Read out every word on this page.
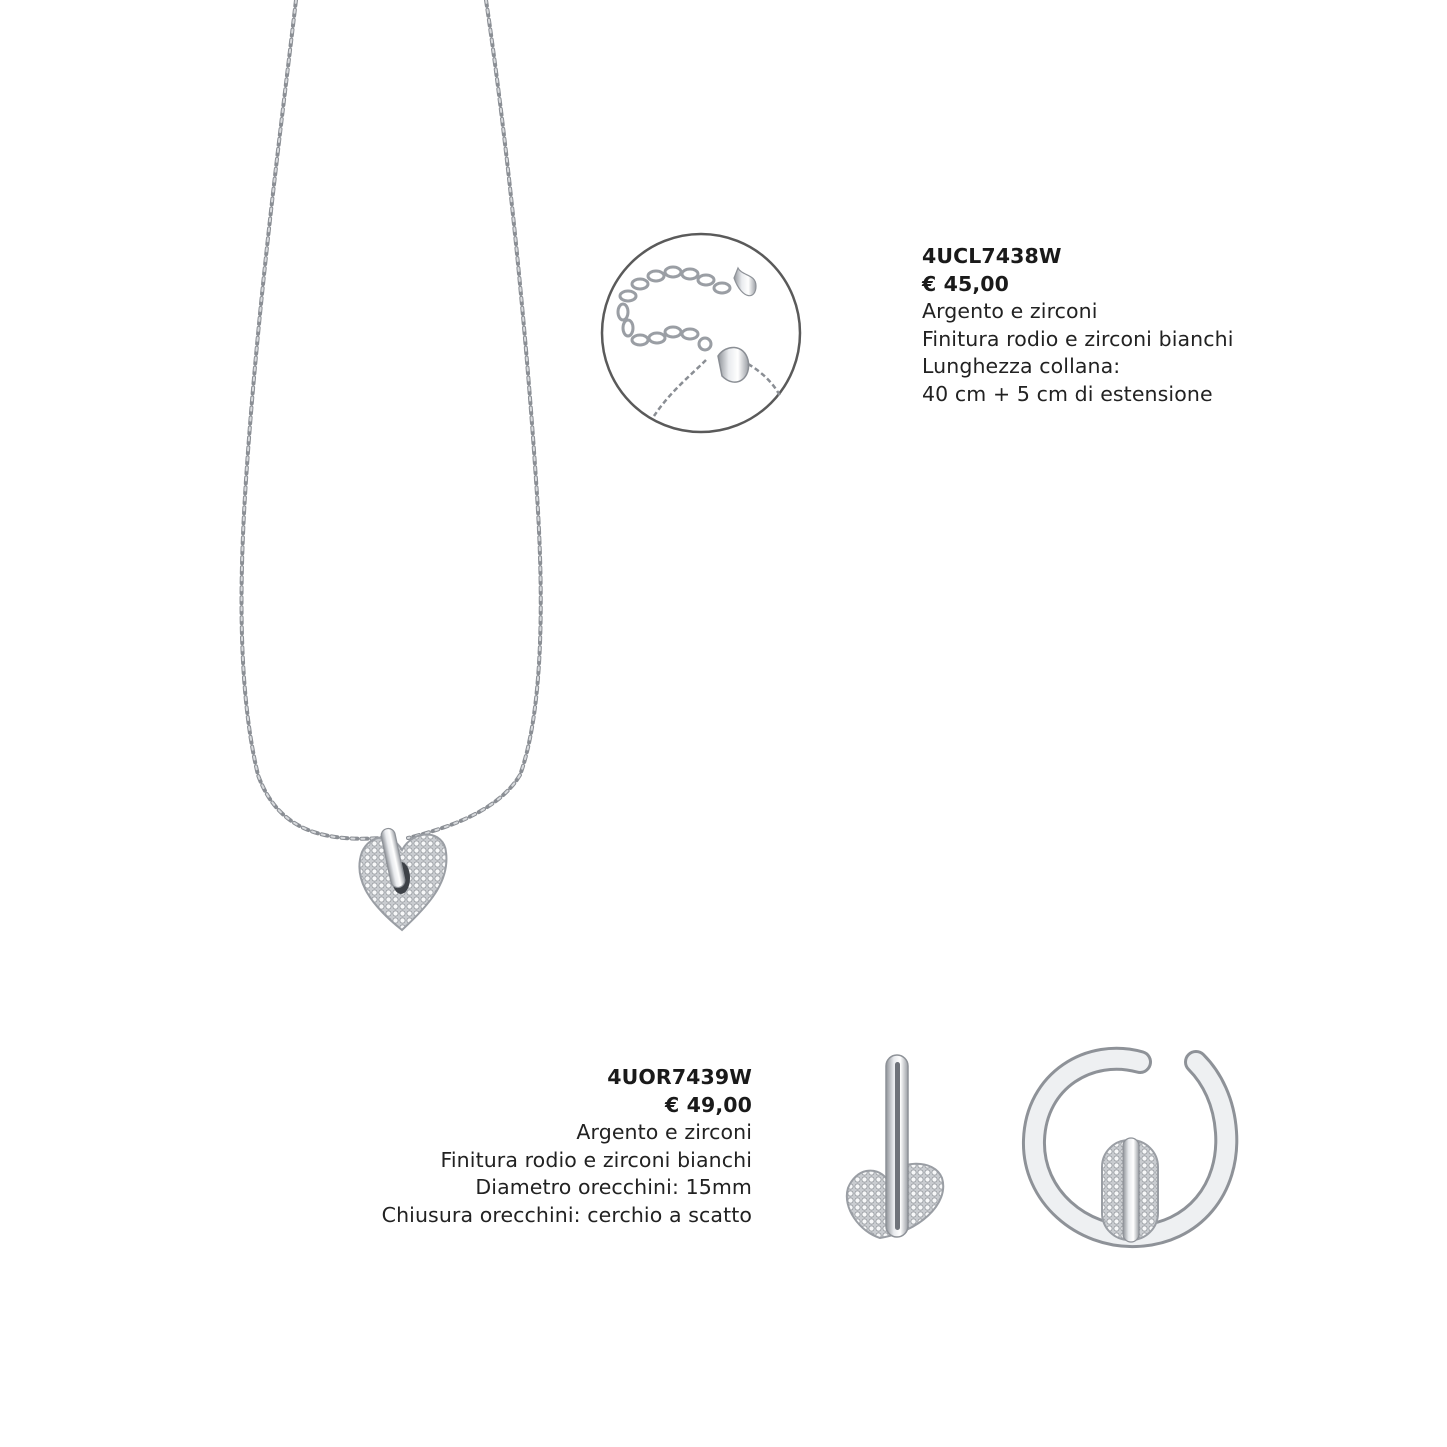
4UCL7438W
€ 45,00
Argento e zirconi
Finitura rodio e zirconi bianchi
Lunghezza collana:
40 cm + 5 cm di estensione
4UOR7439W
€ 49,00
Argento e zirconi
Finitura rodio e zirconi bianchi
Diametro orecchini: 15mm
Chiusura orecchini: cerchio a scatto
